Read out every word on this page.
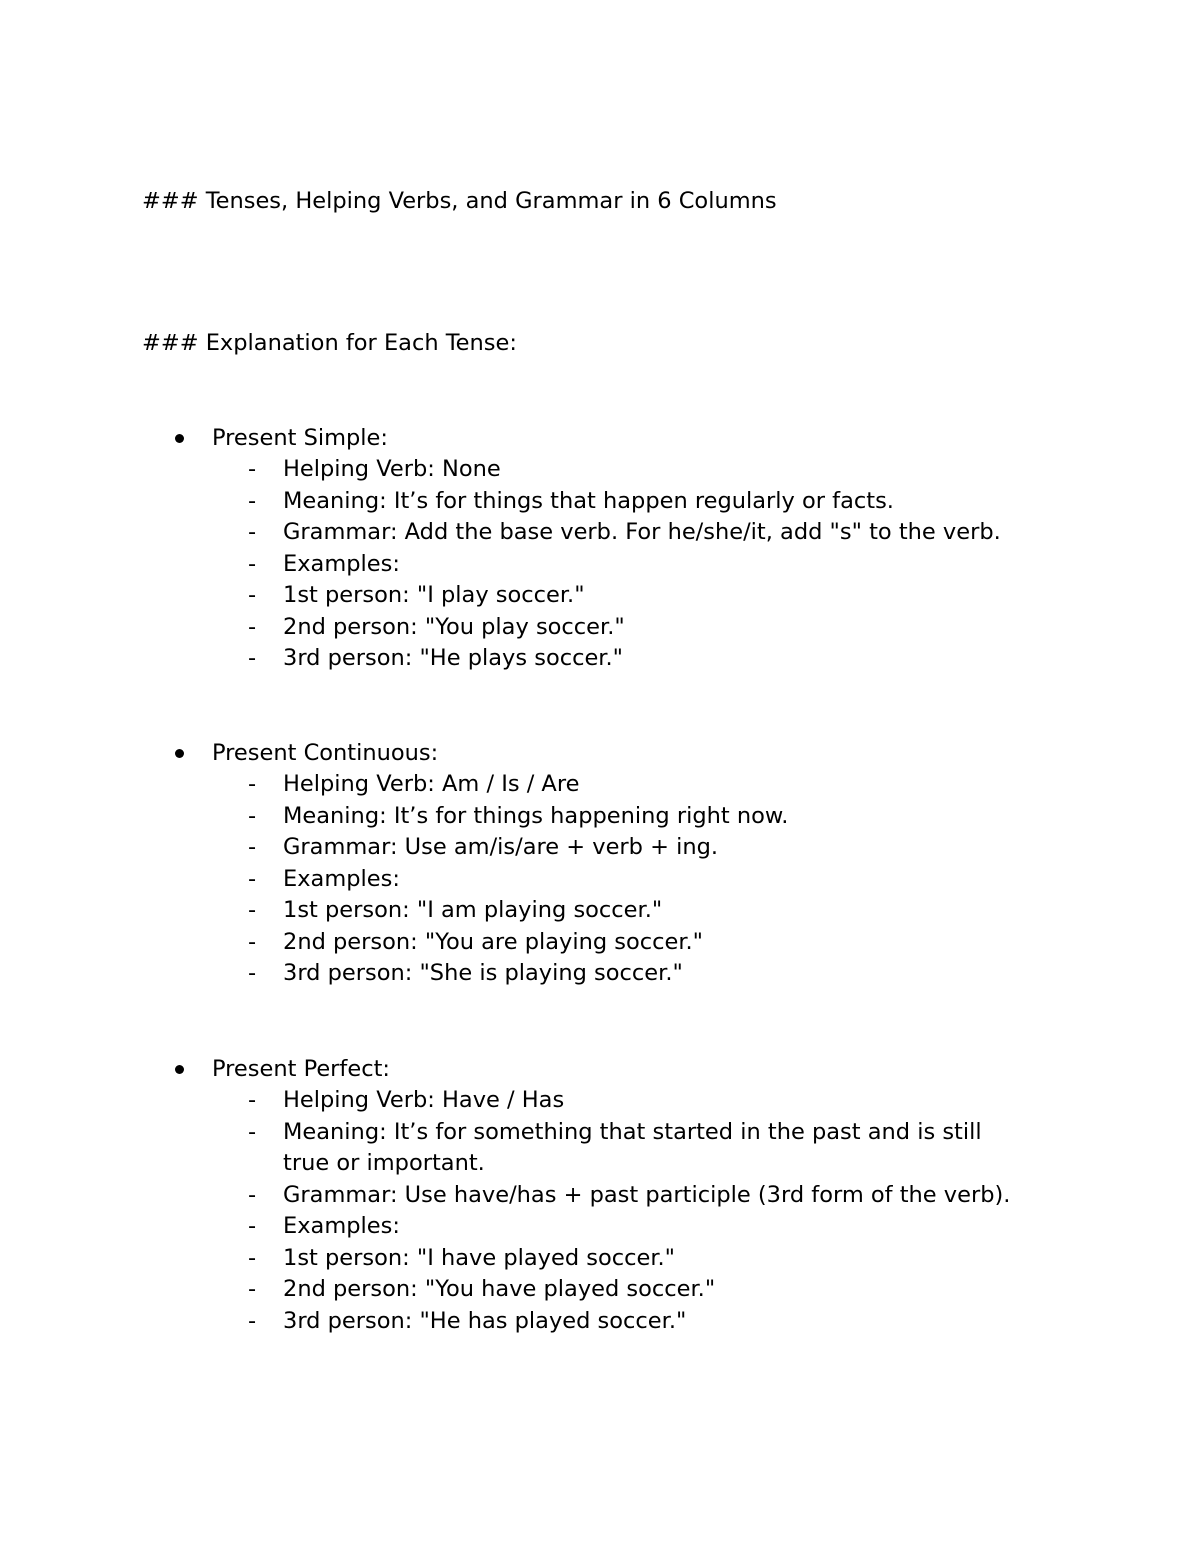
### Tenses, Helping Verbs, and Grammar in 6 Columns
### Explanation for Each Tense:
Present Simple:
- Helping Verb: None
- Meaning: It’s for things that happen regularly or facts.
- Grammar: Add the base verb. For he/she/it, add "s" to the verb.
- Examples:
- 1st person: "I play soccer."
- 2nd person: "You play soccer."
- 3rd person: "He plays soccer."
Present Continuous:
- Helping Verb: Am / Is / Are
- Meaning: It’s for things happening right now.
- Grammar: Use am/is/are + verb + ing.
- Examples:
- 1st person: "I am playing soccer."
- 2nd person: "You are playing soccer."
- 3rd person: "She is playing soccer."
Present Perfect:
- Helping Verb: Have / Has
- Meaning: It’s for something that started in the past and is still true or important.
- Grammar: Use have/has + past participle (3rd form of the verb).
- Examples:
- 1st person: "I have played soccer."
- 2nd person: "You have played soccer."
- 3rd person: "He has played soccer."
